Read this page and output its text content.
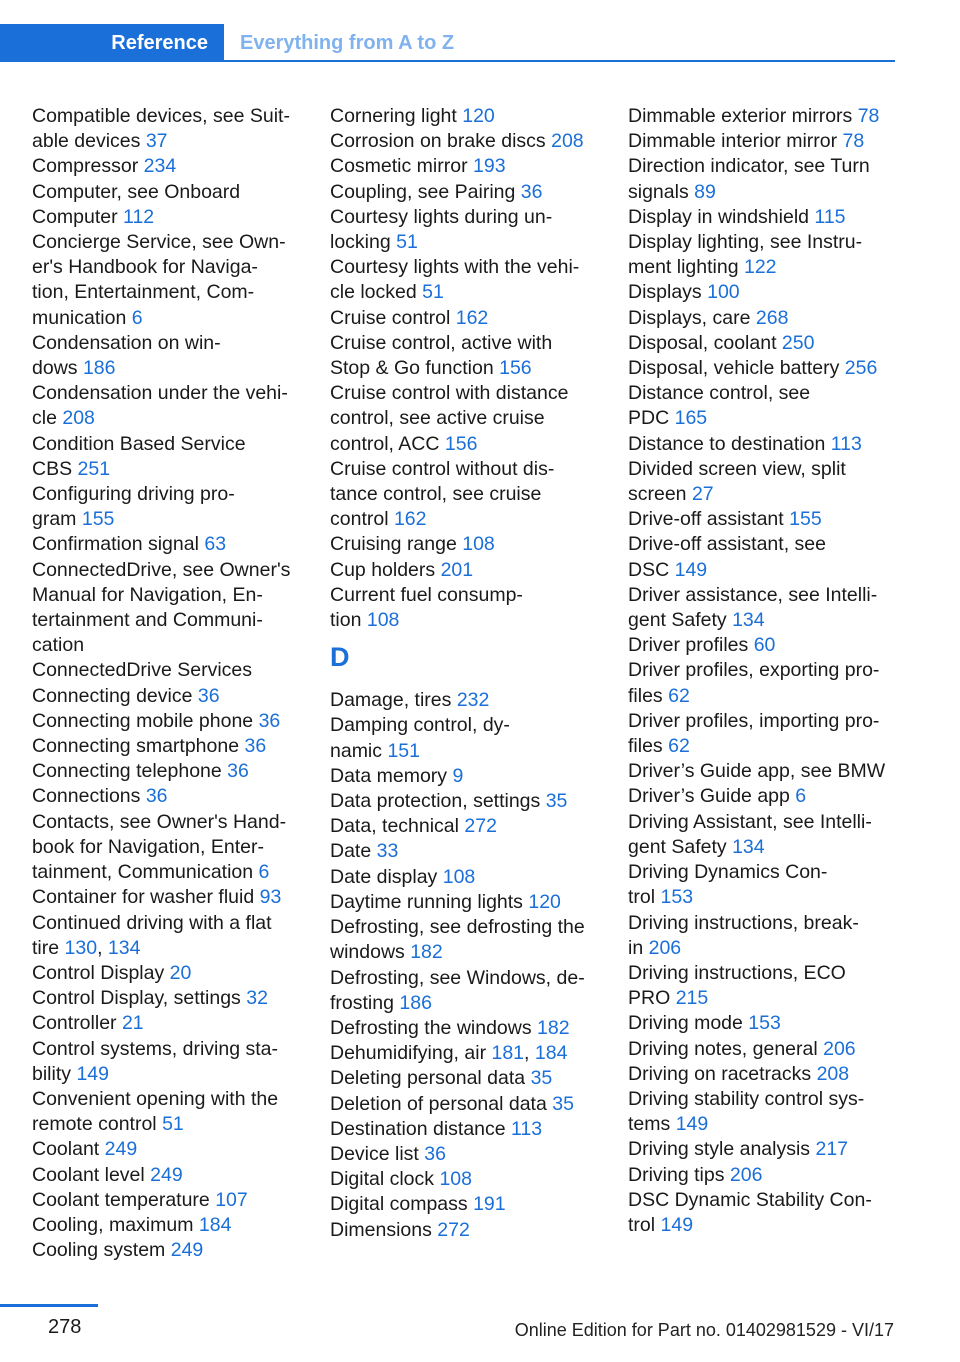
Reference	Everything from A to Z
Compatible devices, see Suit-
able devices 37
Compressor 234
Computer, see Onboard
Computer 112
Concierge Service, see Own-
er's Handbook for Naviga-
tion, Entertainment, Com-
munication 6
Condensation on win-
dows 186
Condensation under the vehi-
cle 208
Condition Based Service
CBS 251
Configuring driving pro-
gram 155
Confirmation signal 63
ConnectedDrive, see Owner's
Manual for Navigation, En-
tertainment and Communi-
cation
ConnectedDrive Services
Connecting device 36
Connecting mobile phone 36
Connecting smartphone 36
Connecting telephone 36
Connections 36
Contacts, see Owner's Hand-
book for Navigation, Enter-
tainment, Communication 6
Container for washer fluid 93
Continued driving with a flat
tire 130, 134
Control Display 20
Control Display, settings 32
Controller 21
Control systems, driving sta-
bility 149
Convenient opening with the
remote control 51
Coolant 249
Coolant level 249
Coolant temperature 107
Cooling, maximum 184
Cooling system 249
Cornering light 120
Corrosion on brake discs 208
Cosmetic mirror 193
Coupling, see Pairing 36
Courtesy lights during un-
locking 51
Courtesy lights with the vehi-
cle locked 51
Cruise control 162
Cruise control, active with
Stop & Go function 156
Cruise control with distance
control, see active cruise
control, ACC 156
Cruise control without dis-
tance control, see cruise
control 162
Cruising range 108
Cup holders 201
Current fuel consump-
tion 108
D
Damage, tires 232
Damping control, dy-
namic 151
Data memory 9
Data protection, settings 35
Data, technical 272
Date 33
Date display 108
Daytime running lights 120
Defrosting, see defrosting the
windows 182
Defrosting, see Windows, de-
frosting 186
Defrosting the windows 182
Dehumidifying, air 181, 184
Deleting personal data 35
Deletion of personal data 35
Destination distance 113
Device list 36
Digital clock 108
Digital compass 191
Dimensions 272
Dimmable exterior mirrors 78
Dimmable interior mirror 78
Direction indicator, see Turn
signals 89
Display in windshield 115
Display lighting, see Instru-
ment lighting 122
Displays 100
Displays, care 268
Disposal, coolant 250
Disposal, vehicle battery 256
Distance control, see
PDC 165
Distance to destination 113
Divided screen view, split
screen 27
Drive-off assistant 155
Drive-off assistant, see
DSC 149
Driver assistance, see Intelli-
gent Safety 134
Driver profiles 60
Driver profiles, exporting pro-
files 62
Driver profiles, importing pro-
files 62
Driver’s Guide app, see BMW
Driver’s Guide app 6
Driving Assistant, see Intelli-
gent Safety 134
Driving Dynamics Con-
trol 153
Driving instructions, break-
in 206
Driving instructions, ECO
PRO 215
Driving mode 153
Driving notes, general 206
Driving on racetracks 208
Driving stability control sys-
tems 149
Driving style analysis 217
Driving tips 206
DSC Dynamic Stability Con-
trol 149
278	Online Edition for Part no. 01402981529 - VI/17
